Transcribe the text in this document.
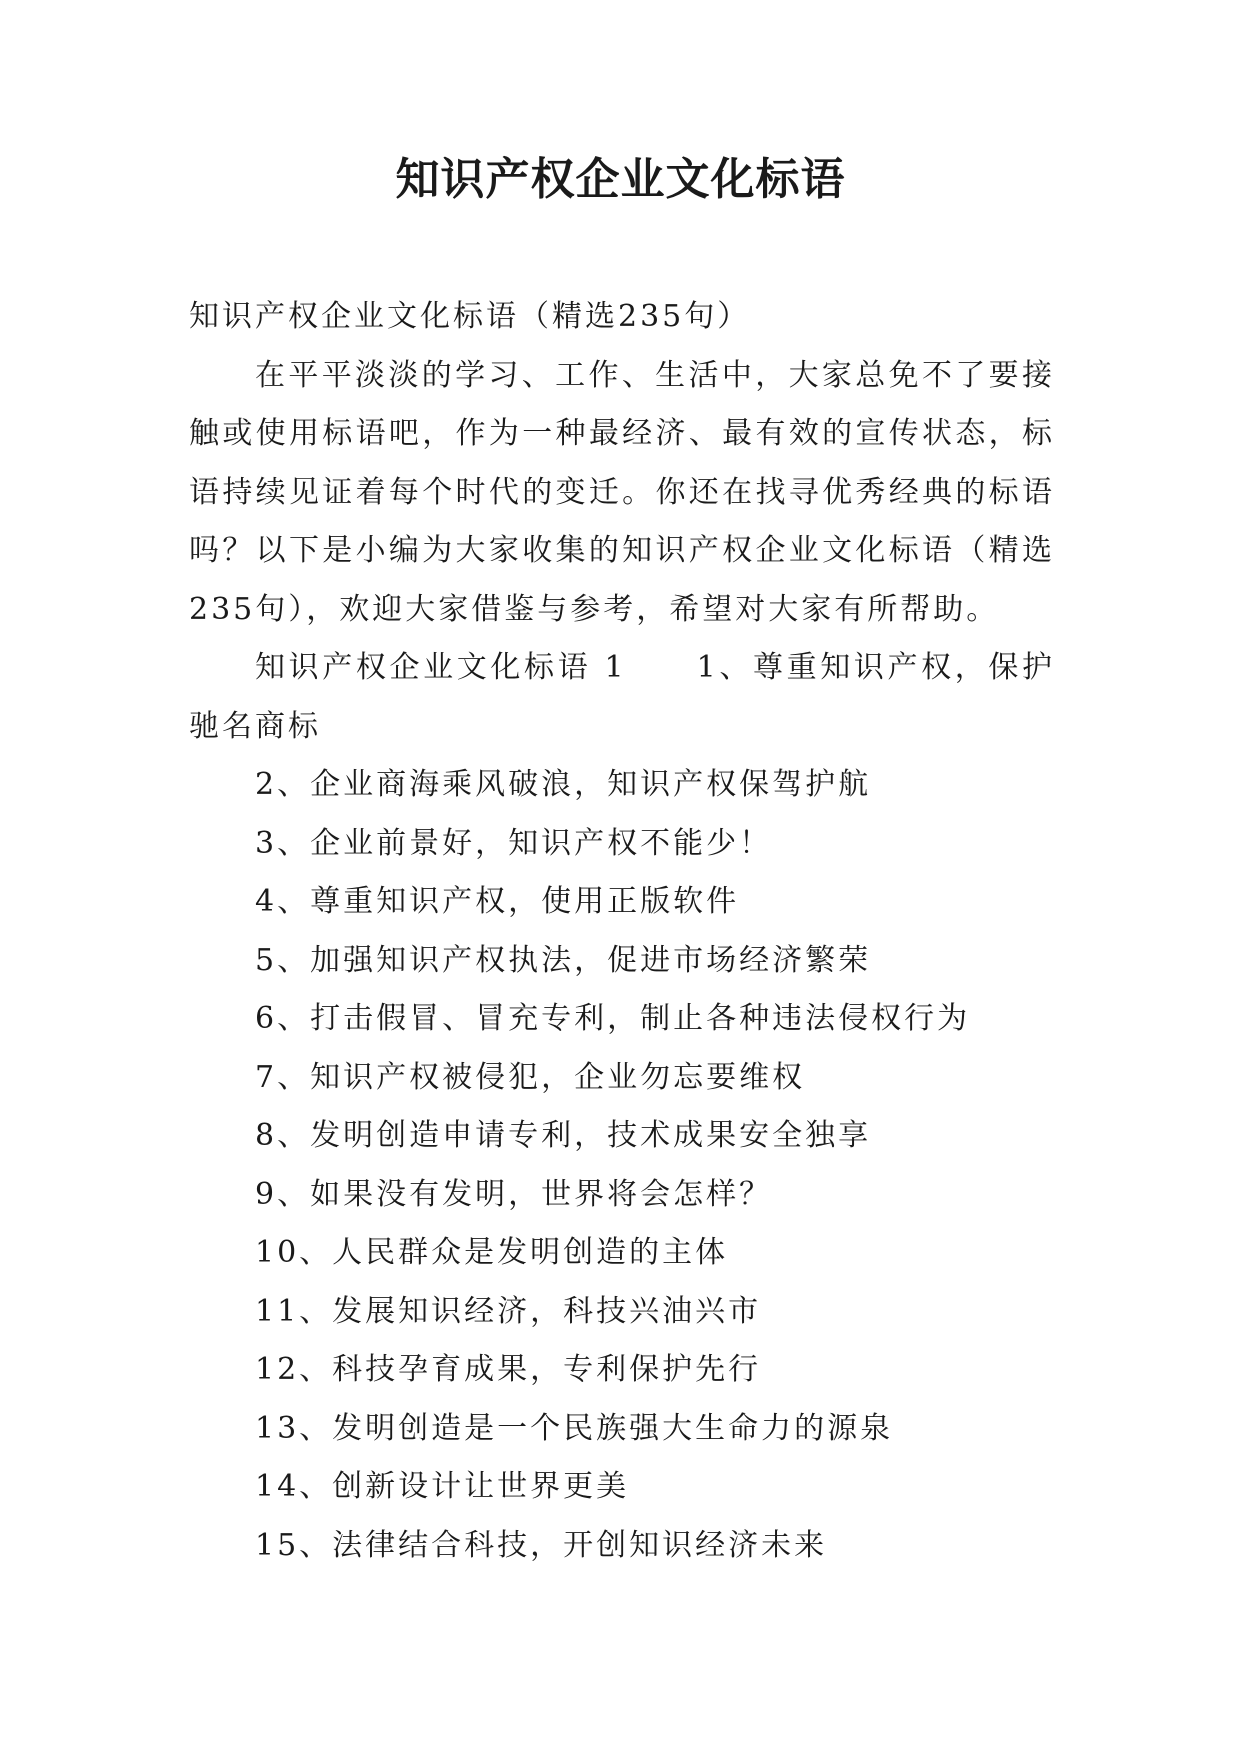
知识产权企业文化标语

知识产权企业文化标语（精选235句）

在平平淡淡的学习、工作、生活中，大家总免不了要接触或使用标语吧，作为一种最经济、最有效的宣传状态，标语持续见证着每个时代的变迁。你还在找寻优秀经典的标语吗？以下是小编为大家收集的知识产权企业文化标语（精选235句），欢迎大家借鉴与参考，希望对大家有所帮助。

知识产权企业文化标语 1 1、尊重知识产权，保护驰名商标

2、企业商海乘风破浪，知识产权保驾护航

3、企业前景好，知识产权不能少！

4、尊重知识产权，使用正版软件

5、加强知识产权执法，促进市场经济繁荣

6、打击假冒、冒充专利，制止各种违法侵权行为

7、知识产权被侵犯，企业勿忘要维权

8、发明创造申请专利，技术成果安全独享

9、如果没有发明，世界将会怎样？

10、人民群众是发明创造的主体

11、发展知识经济，科技兴油兴市

12、科技孕育成果，专利保护先行

13、发明创造是一个民族强大生命力的源泉

14、创新设计让世界更美

15、法律结合科技，开创知识经济未来
